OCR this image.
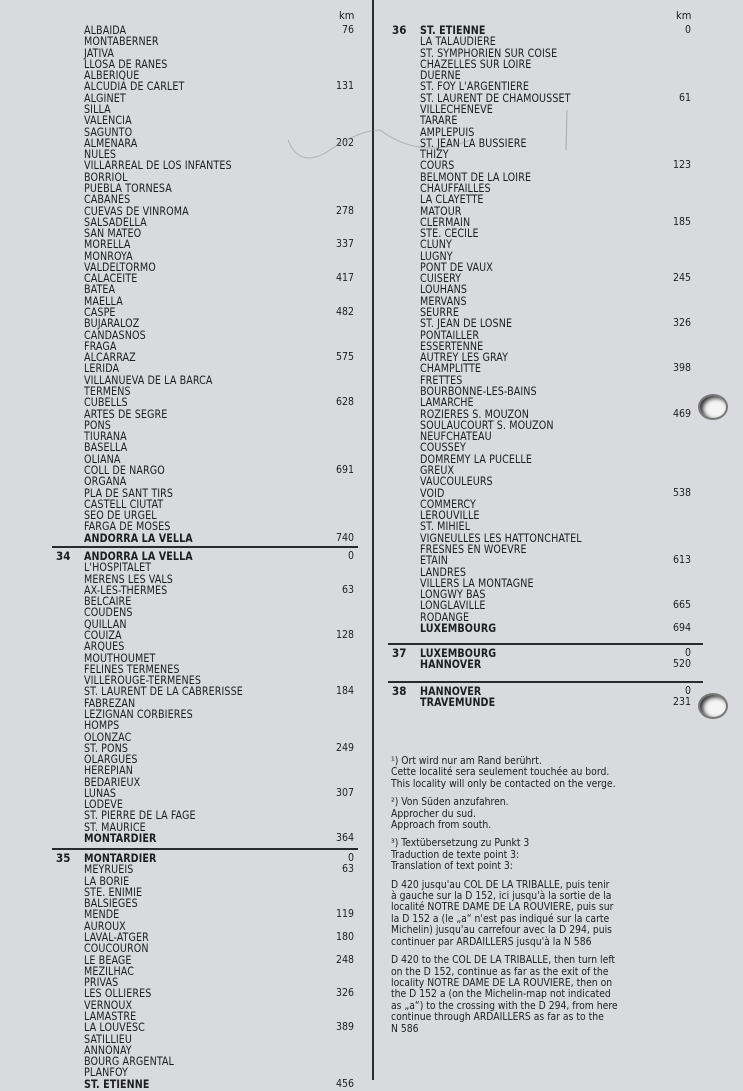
km	km
ALBAIDA	76
MONTABERNER
JATIVA
LLOSA DE RANES
ALBERIQUE
ALCUDIA DE CARLET	131
ALGINET
SILLA
VALENCIA
SAGUNTO
ALMENARA	202
NULES
VILLARREAL DE LOS INFANTES
BORRIOL
PUEBLA TORNESA
CABANES
CUEVAS DE VINROMA	278
SALSADELLA
SAN MATEO
MORELLA	337
MONROYA
VALDELTORMO
CALACEITE	417
BATEA
MAELLA
CASPE	482
BUJARALOZ
CANDASNOS
FRAGA
ALCARRAZ	575
LERIDA
VILLANUEVA DE LA BARCA
TERMENS
CUBELLS	628
ARTES DE SEGRE
PONS
TIURANA
BASELLA
OLIANA
COLL DE NARGO	691
ORGANA
PLA DE SANT TIRS
CASTELL CIUTAT
SEO DE URGEL
FARGA DE MOSES
ANDORRA LA VELLA	740
34 ANDORRA LA VELLA	0
L'HOSPITALET
MERENS LES VALS
AX-LES-THERMES	63
BELCAIRE
COUDENS
QUILLAN
COUIZA	128
ARQUES
MOUTHOUMET
FELINES TERMENES
VILLEROUGE-TERMENES
ST. LAURENT DE LA CABRERISSE	184
FABREZAN
LEZIGNAN CORBIERES
HOMPS
OLONZAC
ST. PONS	249
OLARGUES
HEREPIAN
BEDARIEUX
LUNAS	307
LODEVE
ST. PIERRE DE LA FAGE
ST. MAURICE
MONTARDIER	364
35 MONTARDIER	0
MEYRUEIS	63
LA BORIE
STE. ENIMIE
BALSIEGES
MENDE	119
AUROUX
LAVAL-ATGER	180
COUCOURON
LE BEAGE	248
MEZILHAC
PRIVAS
LES OLLIERES	326
VERNOUX
LAMASTRE
LA LOUVESC	389
SATILLIEU
ANNONAY
BOURG ARGENTAL
PLANFOY
ST. ETIENNE	456
36 ST. ETIENNE	0
LA TALAUDIERE
ST. SYMPHORIEN SUR COISE
CHAZELLES SUR LOIRE
DUERNE
ST. FOY L'ARGENTIERE
ST. LAURENT DE CHAMOUSSET	61
VILLECHENEVE
TARARE
AMPLEPUIS
ST. JEAN LA BUSSIERE
THIZY
COURS	123
BELMONT DE LA LOIRE
CHAUFFAILLES
LA CLAYETTE
MATOUR
CLERMAIN	185
STE. CECILE
CLUNY
LUGNY
PONT DE VAUX
CUISERY	245
LOUHANS
MERVANS
SEURRE
ST. JEAN DE LOSNE	326
PONTAILLER
ESSERTENNE
AUTREY LES GRAY
CHAMPLITTE	398
FRETTES
BOURBONNE-LES-BAINS
LAMARCHE
ROZIERES S. MOUZON	469
SOULAUCOURT S. MOUZON
NEUFCHATEAU
COUSSEY
DOMREMY LA PUCELLE
GREUX
VAUCOULEURS
VOID	538
COMMERCY
LEROUVILLE
ST. MIHIEL
VIGNEULLES LES HATTONCHATEL
FRESNES EN WOEVRE
ETAIN	613
LANDRES
VILLERS LA MONTAGNE
LONGWY BAS
LONGLAVILLE	665
RODANGE
LUXEMBOURG	694
37 LUXEMBOURG	0
HANNOVER	520
38 HANNOVER	0
TRAVEMUNDE	231

¹) Ort wird nur am Rand berührt.
Cette localité sera seulement touchée au bord.
This locality will only be contacted on the verge.

²) Von Süden anzufahren.
Approcher du sud.
Approach from south.

³) Textübersetzung zu Punkt 3
Traduction de texte point 3:
Translation of text point 3:

D 420 jusqu'au COL DE LA TRIBALLE, puis tenir
à gauche sur la D 152, ici jusqu'à la sortie de la
localité NOTRE DAME DE LA ROUVIERE, puis sur
la D 152 a (le „a“ n'est pas indiqué sur la carte
Michelin) jusqu'au carrefour avec la D 294, puis
continuer par ARDAILLERS jusqu'à la N 586

D 420 to the COL DE LA TRIBALLE, then turn left
on the D 152, continue as far as the exit of the
locality NOTRE DAME DE LA ROUVIERE, then on
the D 152 a (on the Michelin-map not indicated
as „a“) to the crossing with the D 294, from here
continue through ARDAILLERS as far as to the
N 586
